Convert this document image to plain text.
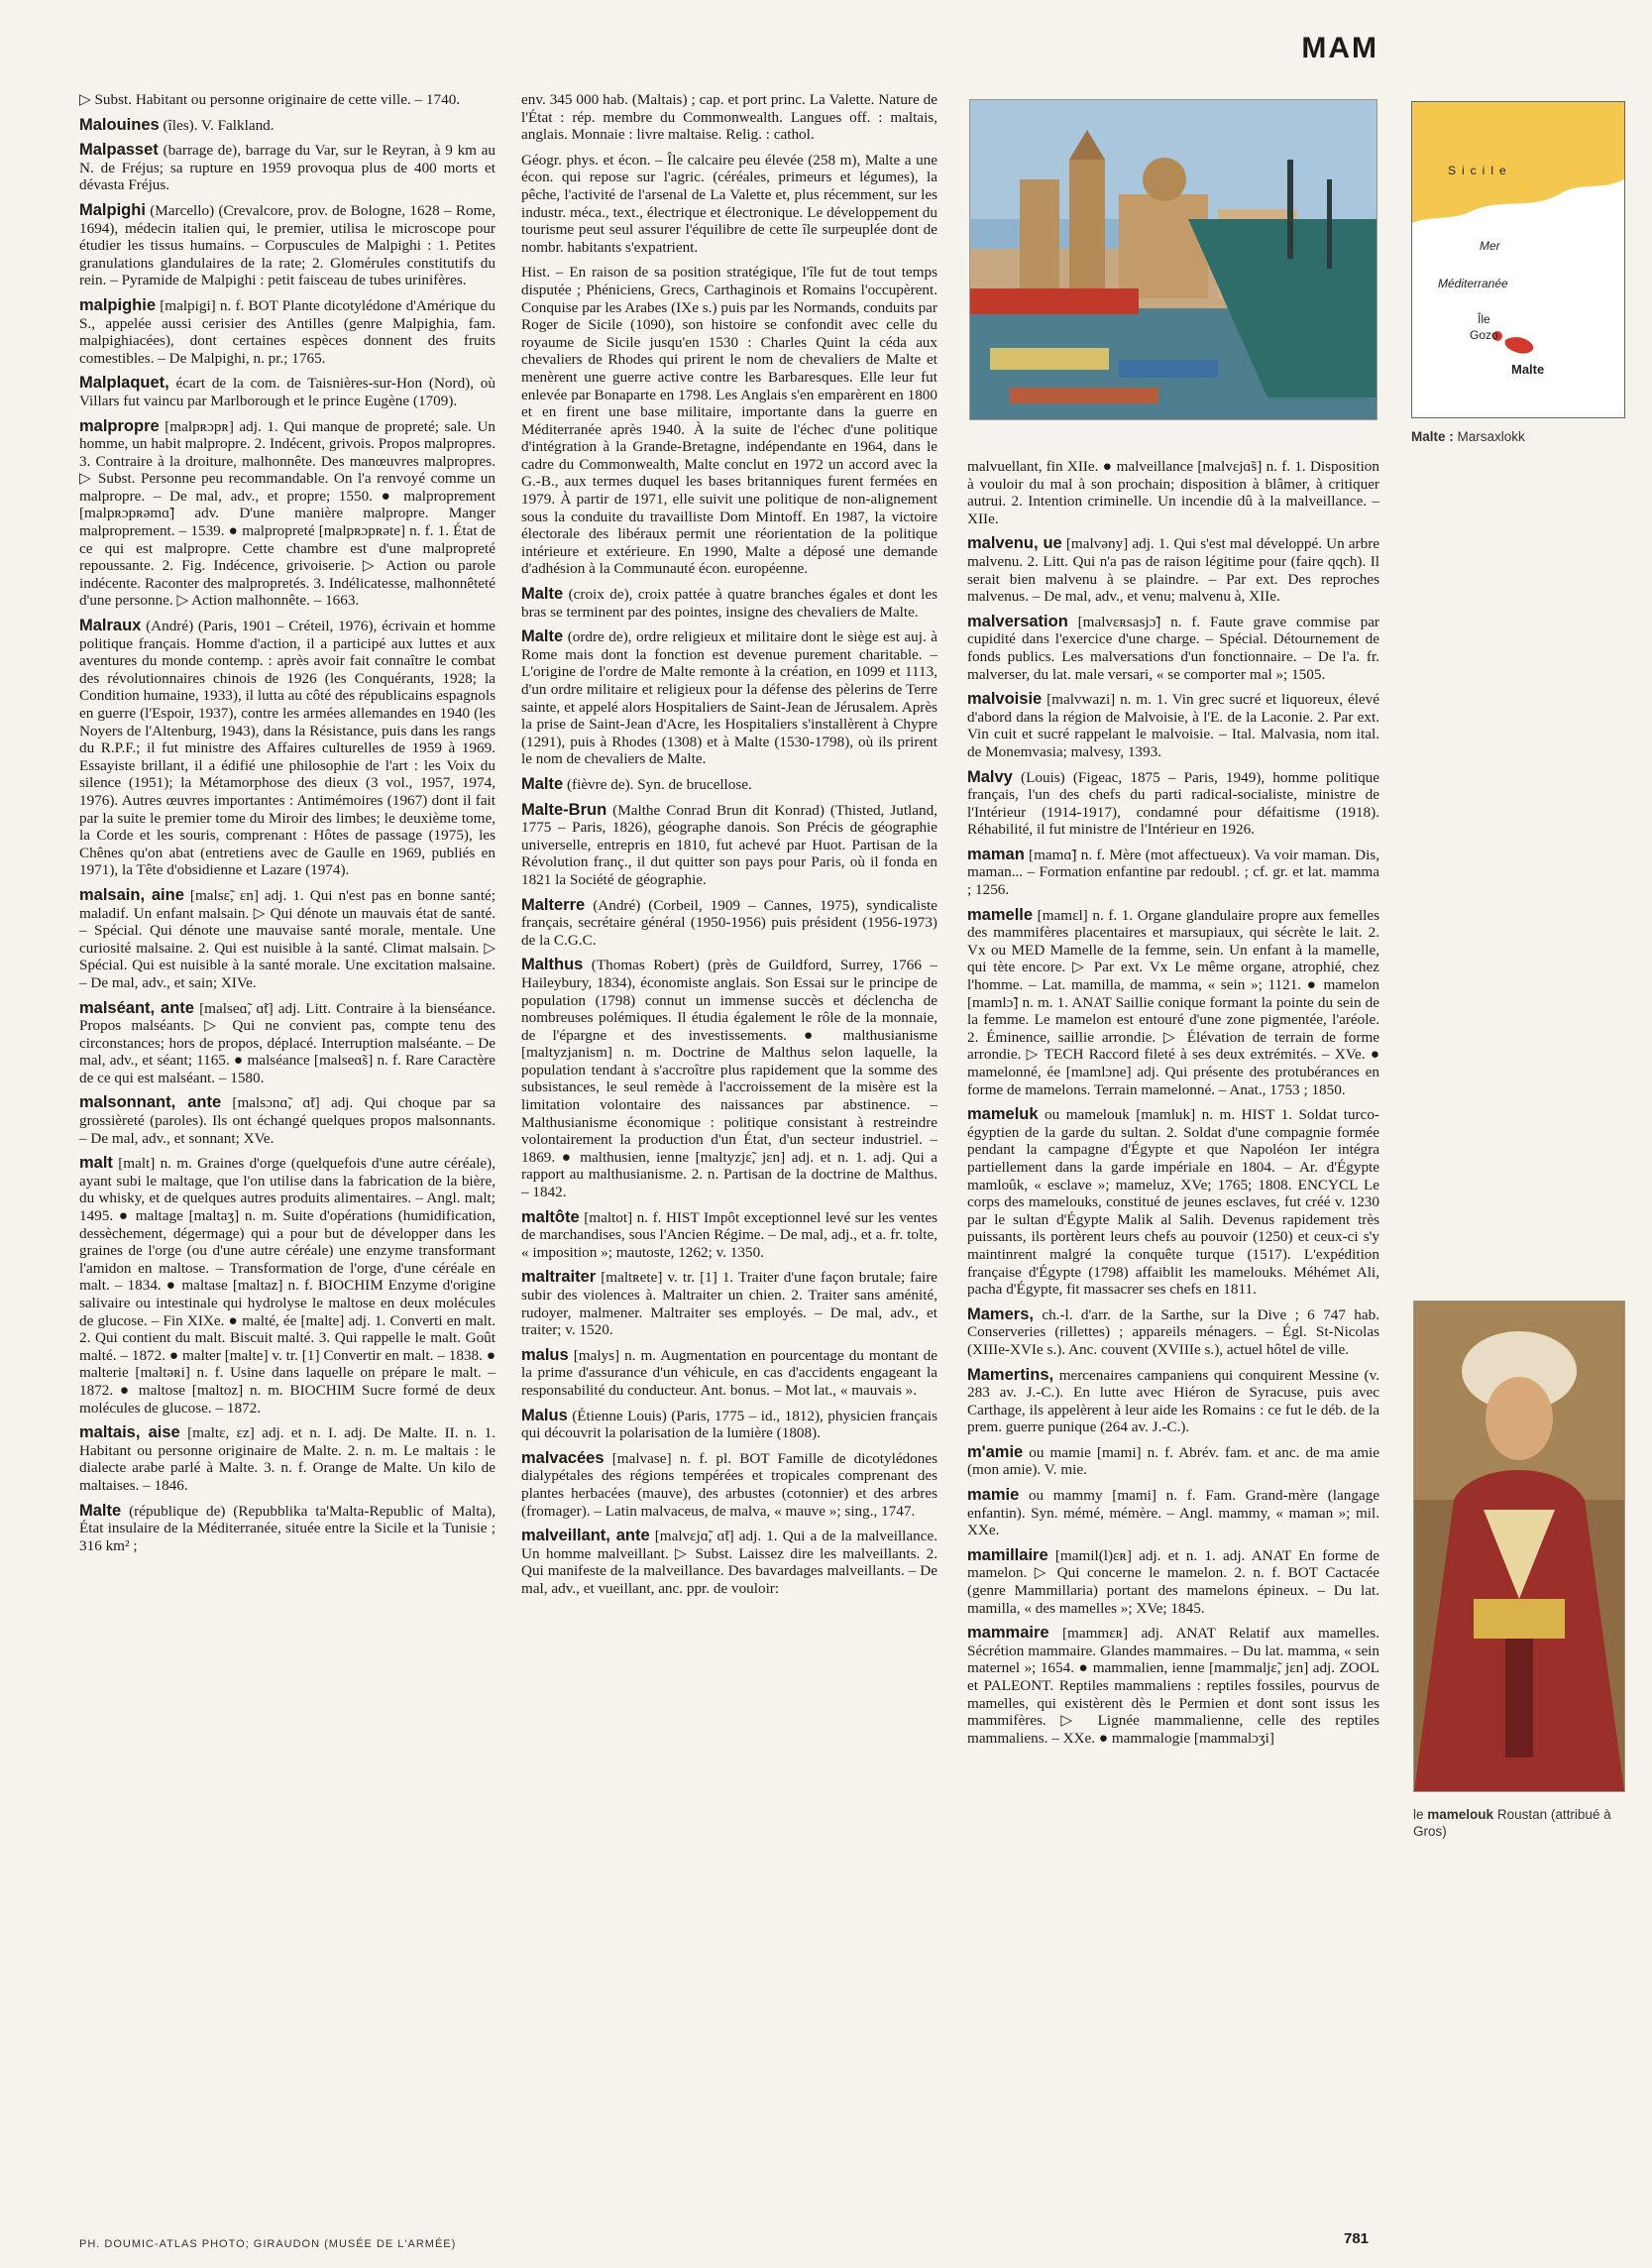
MAM

▷ Subst. Habitant ou personne originaire de cette ville. – 1740.

Malouines (îles). V. Falkland.

Malpasset (barrage de), barrage du Var, sur le Reyran, à 9 km au N. de Fréjus; sa rupture en 1959 provoqua plus de 400 morts et dévasta Fréjus.

Malpighi (Marcello) (Crevalcore, prov. de Bologne, 1628 – Rome, 1694), médecin italien qui, le premier, utilisa le microscope pour étudier les tissus humains. – Corpuscules de Malpighi : 1. Petites granulations glandulaires de la rate; 2. Glomérules constitutifs du rein. – Pyramide de Malpighi : petit faisceau de tubes urinifères.

malpighie [malpigi] n. f. BOT Plante dicotylédone d'Amérique du S., appelée aussi cerisier des Antilles (genre Malpighia, fam. malpighiacées), dont certaines espèces donnent des fruits comestibles. – De Malpighi, n. pr.; 1765.

Malplaquet, écart de la com. de Taisnières-sur-Hon (Nord), où Villars fut vaincu par Marlborough et le prince Eugène (1709).

malpropre [malpʀɔpʀ] adj. 1. Qui manque de propreté; sale. Un homme, un habit malpropre. 2. Indécent, grivois. Propos malpropres. 3. Contraire à la droiture, malhonnête. Des manœuvres malpropres. ▷ Subst. Personne peu recommandable. On l'a renvoyé comme un malpropre. – De mal, adv., et propre; 1550. ● malproprement [malpʀɔpʀəmɑ̃] adv. D'une manière malpropre. Manger malproprement. – 1539. ● malpropreté [malpʀɔpʀəte] n. f. 1. État de ce qui est malpropre. Cette chambre est d'une malpropreté repoussante. 2. Fig. Indécence, grivoiserie. ▷ Action ou parole indécente. Raconter des malpropretés. 3. Indélicatesse, malhonnêteté d'une personne. ▷ Action malhonnête. – 1663.

Malraux (André) (Paris, 1901 – Créteil, 1976), écrivain et homme politique français. Homme d'action, il a participé aux luttes et aux aventures du monde contemp. : après avoir fait connaître le combat des révolutionnaires chinois de 1926 (les Conquérants, 1928; la Condition humaine, 1933), il lutta au côté des républicains espagnols en guerre (l'Espoir, 1937), contre les armées allemandes en 1940 (les Noyers de l'Altenburg, 1943), dans la Résistance, puis dans les rangs du R.P.F.; il fut ministre des Affaires culturelles de 1959 à 1969. Essayiste brillant, il a édifié une philosophie de l'art : les Voix du silence (1951); la Métamorphose des dieux (3 vol., 1957, 1974, 1976). Autres œuvres importantes : Antimémoires (1967) dont il fait par la suite le premier tome du Miroir des limbes; le deuxième tome, la Corde et les souris, comprenant : Hôtes de passage (1975), les Chênes qu'on abat (entretiens avec de Gaulle en 1969, publiés en 1971), la Tête d'obsidienne et Lazare (1974).

malsain, aine [malsɛ̃, ɛn] adj. 1. Qui n'est pas en bonne santé; maladif. Un enfant malsain. ▷ Qui dénote un mauvais état de santé. – Spécial. Qui dénote une mauvaise santé morale, mentale. Une curiosité malsaine. 2. Qui est nuisible à la santé. Climat malsain. ▷ Spécial. Qui est nuisible à la santé morale. Une excitation malsaine. – De mal, adv., et sain; XIVe.

malséant, ante [malseɑ̃, ɑ̃t] adj. Litt. Contraire à la bienséance. Propos malséants. ▷ Qui ne convient pas, compte tenu des circonstances; hors de propos, déplacé. Interruption malséante. – De mal, adv., et séant; 1165. ● malséance [malseɑ̃s] n. f. Rare Caractère de ce qui est malséant. – 1580.

malsonnant, ante [malsɔnɑ̃, ɑ̃t] adj. Qui choque par sa grossièreté (paroles). Ils ont échangé quelques propos malsonnants. – De mal, adv., et sonnant; XVe.

malt [malt] n. m. Graines d'orge (quelquefois d'une autre céréale), ayant subi le maltage, que l'on utilise dans la fabrication de la bière, du whisky, et de quelques autres produits alimentaires. – Angl. malt; 1495. ● maltage [maltaʒ] n. m. Suite d'opérations (humidification, dessèchement, dégermage) qui a pour but de développer dans les graines de l'orge (ou d'une autre céréale) une enzyme transformant l'amidon en maltose. – Transformation de l'orge, d'une céréale en malt. – 1834. ● maltase [maltaz] n. f. BIOCHIM Enzyme d'origine salivaire ou intestinale qui hydrolyse le maltose en deux molécules de glucose. – Fin XIXe. ● malté, ée [malte] adj. 1. Converti en malt. 2. Qui contient du malt. Biscuit malté. 3. Qui rappelle le malt. Goût malté. – 1872. ● malter [malte] v. tr. [1] Convertir en malt. – 1838. ● malterie [maltəʀi] n. f. Usine dans laquelle on prépare le malt. – 1872. ● maltose [maltoz] n. m. BIOCHIM Sucre formé de deux molécules de glucose. – 1872.

maltais, aise [maltɛ, ɛz] adj. et n. I. adj. De Malte. II. n. 1. Habitant ou personne originaire de Malte. 2. n. m. Le maltais : le dialecte arabe parlé à Malte. 3. n. f. Orange de Malte. Un kilo de maltaises. – 1846.

Malte (république de) (Repubblika ta'Malta-Republic of Malta), État insulaire de la Méditerranée, située entre la Sicile et la Tunisie ; 316 km² ;

env. 345 000 hab. (Maltais) ; cap. et port princ. La Valette. Nature de l'État : rép. membre du Commonwealth. Langues off. : maltais, anglais. Monnaie : livre maltaise. Relig. : cathol.

Géogr. phys. et écon. – Île calcaire peu élevée (258 m), Malte a une écon. qui repose sur l'agric. (céréales, primeurs et légumes), la pêche, l'activité de l'arsenal de La Valette et, plus récemment, sur les industr. méca., text., électrique et électronique. Le développement du tourisme peut seul assurer l'équilibre de cette île surpeuplée dont de nombr. habitants s'expatrient.

Hist. – En raison de sa position stratégique, l'île fut de tout temps disputée ; Phéniciens, Grecs, Carthaginois et Romains l'occupèrent. Conquise par les Arabes (IXe s.) puis par les Normands, conduits par Roger de Sicile (1090), son histoire se confondit avec celle du royaume de Sicile jusqu'en 1530 : Charles Quint la céda aux chevaliers de Rhodes qui prirent le nom de chevaliers de Malte et menèrent une guerre active contre les Barbaresques. Elle leur fut enlevée par Bonaparte en 1798. Les Anglais s'en emparèrent en 1800 et en firent une base militaire, importante dans la guerre en Méditerranée après 1940. À la suite de l'échec d'une politique d'intégration à la Grande-Bretagne, indépendante en 1964, dans le cadre du Commonwealth, Malte conclut en 1972 un accord avec la G.-B., aux termes duquel les bases britanniques furent fermées en 1979. À partir de 1971, elle suivit une politique de non-alignement sous la conduite du travailliste Dom Mintoff. En 1987, la victoire électorale des libéraux permit une réorientation de la politique intérieure et extérieure. En 1990, Malte a déposé une demande d'adhésion à la Communauté écon. européenne.

Malte (croix de), croix pattée à quatre branches égales et dont les bras se terminent par des pointes, insigne des chevaliers de Malte.

Malte (ordre de), ordre religieux et militaire dont le siège est auj. à Rome mais dont la fonction est devenue purement charitable. – L'origine de l'ordre de Malte remonte à la création, en 1099 et 1113, d'un ordre militaire et religieux pour la défense des pèlerins de Terre sainte, et appelé alors Hospitaliers de Saint-Jean de Jérusalem. Après la prise de Saint-Jean d'Acre, les Hospitaliers s'installèrent à Chypre (1291), puis à Rhodes (1308) et à Malte (1530-1798), où ils prirent le nom de chevaliers de Malte.

Malte (fièvre de). Syn. de brucellose.

Malte-Brun (Malthe Conrad Brun dit Konrad) (Thisted, Jutland, 1775 – Paris, 1826), géographe danois. Son Précis de géographie universelle, entrepris en 1810, fut achevé par Huot. Partisan de la Révolution franç., il dut quitter son pays pour Paris, où il fonda en 1821 la Société de géographie.

Malterre (André) (Corbeil, 1909 – Cannes, 1975), syndicaliste français, secrétaire général (1950-1956) puis président (1956-1973) de la C.G.C.

Malthus (Thomas Robert) (près de Guildford, Surrey, 1766 – Haileybury, 1834), économiste anglais. Son Essai sur le principe de population (1798) connut un immense succès et déclencha de nombreuses polémiques. Il étudia également le rôle de la monnaie, de l'épargne et des investissements. ● malthusianisme [maltyzjanism] n. m. Doctrine de Malthus selon laquelle, la population tendant à s'accroître plus rapidement que la somme des subsistances, le seul remède à l'accroissement de la misère est la limitation volontaire des naissances par abstinence. – Malthusianisme économique : politique consistant à restreindre volontairement la production d'un État, d'un secteur industriel. – 1869. ● malthusien, ienne [maltyzjɛ̃, jɛn] adj. et n. 1. adj. Qui a rapport au malthusianisme. 2. n. Partisan de la doctrine de Malthus. – 1842.

maltôte [maltot] n. f. HIST Impôt exceptionnel levé sur les ventes de marchandises, sous l'Ancien Régime. – De mal, adj., et a. fr. tolte, « imposition »; mautoste, 1262; v. 1350.

maltraiter [maltʀete] v. tr. [1] 1. Traiter d'une façon brutale; faire subir des violences à. Maltraiter un chien. 2. Traiter sans aménité, rudoyer, malmener. Maltraiter ses employés. – De mal, adv., et traiter; v. 1520.

malus [malys] n. m. Augmentation en pourcentage du montant de la prime d'assurance d'un véhicule, en cas d'accidents engageant la responsabilité du conducteur. Ant. bonus. – Mot lat., « mauvais ».

Malus (Étienne Louis) (Paris, 1775 – id., 1812), physicien français qui découvrit la polarisation de la lumière (1808).

malvacées [malvase] n. f. pl. BOT Famille de dicotylédones dialypétales des régions tempérées et tropicales comprenant des plantes herbacées (mauve), des arbustes (cotonnier) et des arbres (fromager). – Latin malvaceus, de malva, « mauve »; sing., 1747.

malveillant, ante [malvɛjɑ̃, ɑ̃t] adj. 1. Qui a de la malveillance. Un homme malveillant. ▷ Subst. Laissez dire les malveillants. 2. Qui manifeste de la malveillance. Des bavardages malveillants. – De mal, adv., et vueillant, anc. ppr. de vouloir:

Sicile
Mer
Méditerranée
Île
Gozo
Malte
Malte : Marsaxlokk

malvuellant, fin XIIe. ● malveillance [malvɛjɑ̃s] n. f. 1. Disposition à vouloir du mal à son prochain; disposition à blâmer, à critiquer autrui. 2. Intention criminelle. Un incendie dû à la malveillance. – XIIe.

malvenu, ue [malvəny] adj. 1. Qui s'est mal développé. Un arbre malvenu. 2. Litt. Qui n'a pas de raison légitime pour (faire qqch). Il serait bien malvenu à se plaindre. – Par ext. Des reproches malvenus. – De mal, adv., et venu; malvenu à, XIIe.

malversation [malvɛʀsasjɔ̃] n. f. Faute grave commise par cupidité dans l'exercice d'une charge. – Spécial. Détournement de fonds publics. Les malversations d'un fonctionnaire. – De l'a. fr. malverser, du lat. male versari, « se comporter mal »; 1505.

malvoisie [malvwazi] n. m. 1. Vin grec sucré et liquoreux, élevé d'abord dans la région de Malvoisie, à l'E. de la Laconie. 2. Par ext. Vin cuit et sucré rappelant le malvoisie. – Ital. Malvasia, nom ital. de Monemvasia; malvesy, 1393.

Malvy (Louis) (Figeac, 1875 – Paris, 1949), homme politique français, l'un des chefs du parti radical-socialiste, ministre de l'Intérieur (1914-1917), condamné pour défaitisme (1918). Réhabilité, il fut ministre de l'Intérieur en 1926.

maman [mamɑ̃] n. f. Mère (mot affectueux). Va voir maman. Dis, maman... – Formation enfantine par redoubl. ; cf. gr. et lat. mamma ; 1256.

mamelle [mamɛl] n. f. 1. Organe glandulaire propre aux femelles des mammifères placentaires et marsupiaux, qui sécrète le lait. 2. Vx ou MED Mamelle de la femme, sein. Un enfant à la mamelle, qui tète encore. ▷ Par ext. Vx Le même organe, atrophié, chez l'homme. – Lat. mamilla, de mamma, « sein »; 1121. ● mamelon [mamlɔ̃] n. m. 1. ANAT Saillie conique formant la pointe du sein de la femme. Le mamelon est entouré d'une zone pigmentée, l'aréole. 2. Éminence, saillie arrondie. ▷ Élévation de terrain de forme arrondie. ▷ TECH Raccord fileté à ses deux extrémités. – XVe. ● mamelonné, ée [mamlɔne] adj. Qui présente des protubérances en forme de mamelons. Terrain mamelonné. – Anat., 1753 ; 1850.

mameluk ou mamelouk [mamluk] n. m. HIST 1. Soldat turco-égyptien de la garde du sultan. 2. Soldat d'une compagnie formée pendant la campagne d'Égypte et que Napoléon Ier intégra partiellement dans la garde impériale en 1804. – Ar. d'Égypte mamloûk, « esclave »; mameluz, XVe; 1765; 1808. ENCYCL Le corps des mamelouks, constitué de jeunes esclaves, fut créé v. 1230 par le sultan d'Égypte Malik al Salih. Devenus rapidement très puissants, ils portèrent leurs chefs au pouvoir (1250) et ceux-ci s'y maintinrent malgré la conquête turque (1517). L'expédition française d'Égypte (1798) affaiblit les mamelouks. Méhémet Ali, pacha d'Égypte, fit massacrer ses chefs en 1811.

Mamers, ch.-l. d'arr. de la Sarthe, sur la Dive ; 6 747 hab. Conserveries (rillettes) ; appareils ménagers. – Égl. St-Nicolas (XIIIe-XVIe s.). Anc. couvent (XVIIIe s.), actuel hôtel de ville.

Mamertins, mercenaires campaniens qui conquirent Messine (v. 283 av. J.-C.). En lutte avec Hiéron de Syracuse, puis avec Carthage, ils appelèrent à leur aide les Romains : ce fut le déb. de la prem. guerre punique (264 av. J.-C.).

m'amie ou mamie [mami] n. f. Abrév. fam. et anc. de ma amie (mon amie). V. mie.

mamie ou mammy [mami] n. f. Fam. Grand-mère (langage enfantin). Syn. mémé, mémère. – Angl. mammy, « maman »; mil. XXe.

mamillaire [mamil(l)ɛʀ] adj. et n. 1. adj. ANAT En forme de mamelon. ▷ Qui concerne le mamelon. 2. n. f. BOT Cactacée (genre Mammillaria) portant des mamelons épineux. – Du lat. mamilla, « des mamelles »; XVe; 1845.

mammaire [mammɛʀ] adj. ANAT Relatif aux mamelles. Sécrétion mammaire. Glandes mammaires. – Du lat. mamma, « sein maternel »; 1654. ● mammalien, ienne [mammaljɛ̃, jɛn] adj. ZOOL et PALEONT. Reptiles mammaliens : reptiles fossiles, pourvus de mamelles, qui existèrent dès le Permien et dont sont issus les mammifères. ▷ Lignée mammalienne, celle des reptiles mammaliens. – XXe. ● mammalogie [mammalɔʒi]

le mamelouk Roustan (attribué à Gros)
PH. DOUMIC-ATLAS PHOTO; GIRAUDON (MUSÉE DE L'ARMÉE)	781
